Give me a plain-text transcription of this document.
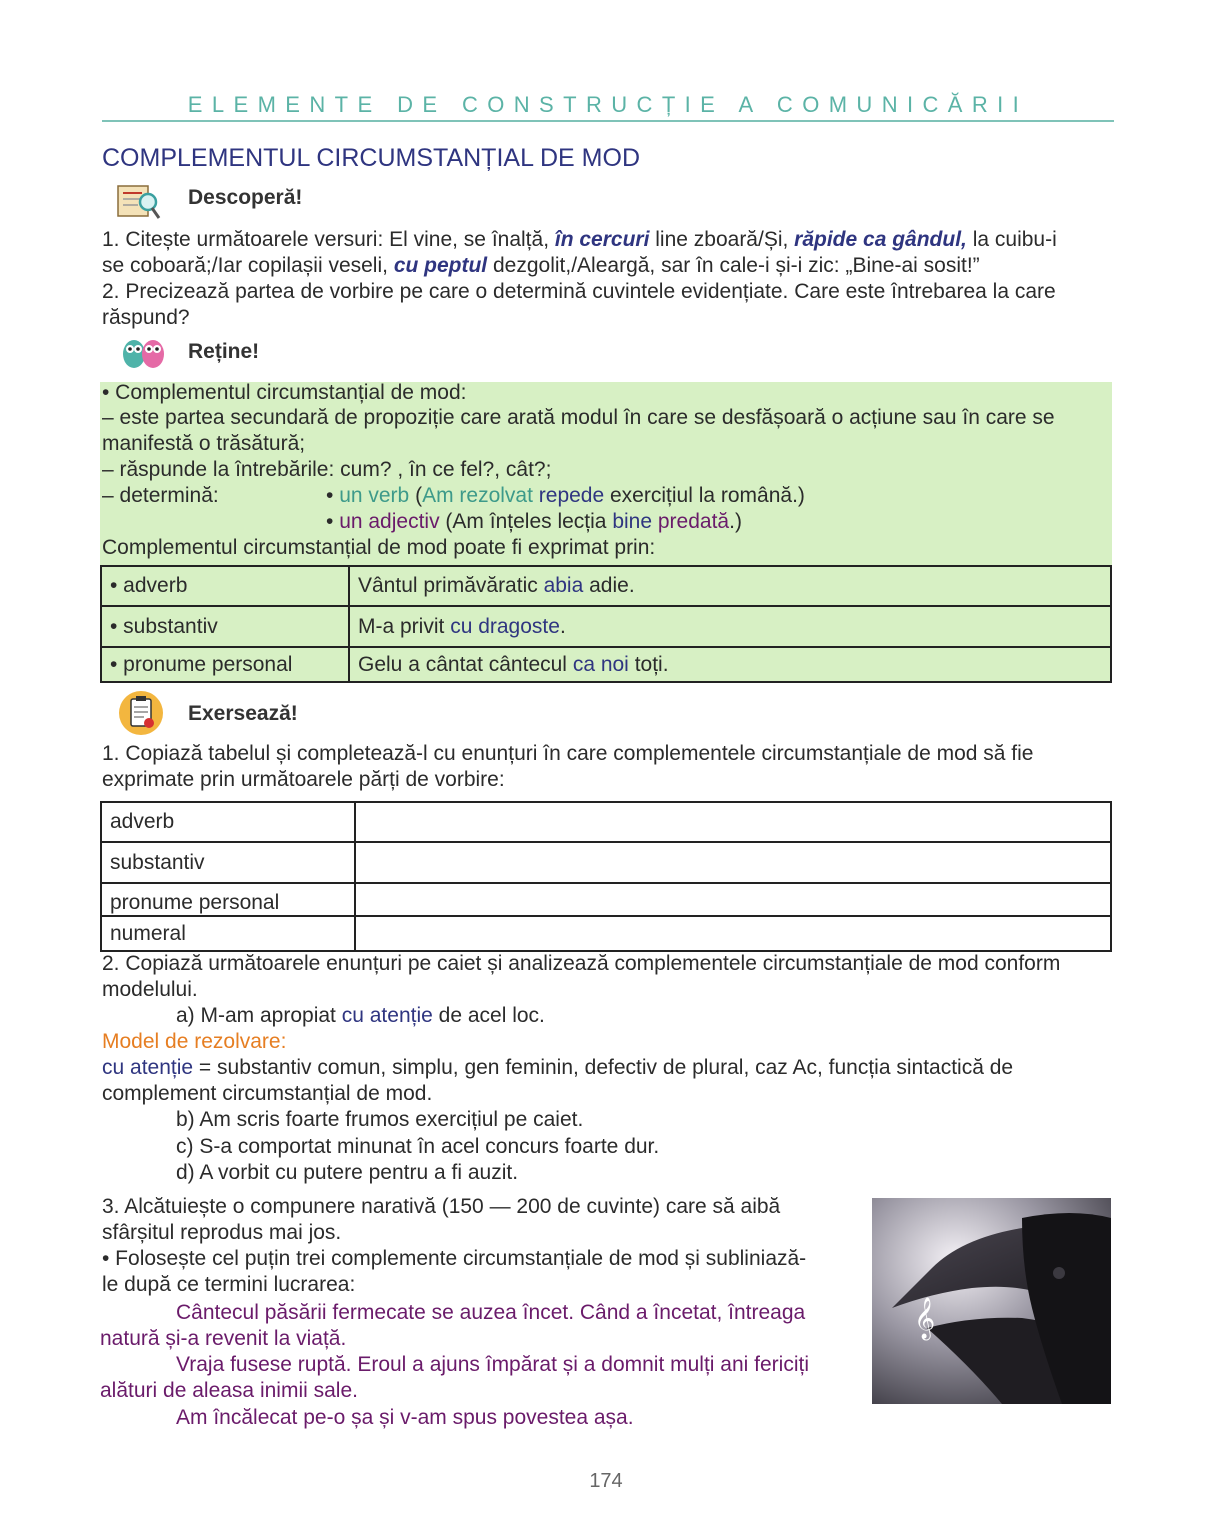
ELEMENTE DE CONSTRUCȚIE A COMUNICĂRII
COMPLEMENTUL CIRCUMSTANȚIAL DE MOD
Descoperă!
1. Citește următoarele versuri: El vine, se înalță, în cercuri line zboară/Și, răpide ca gândul, la cuibu-i
se coboară;/Iar copilașii veseli, cu peptul dezgolit,/Aleargă, sar în cale-i și-i zic: „Bine-ai sosit!”
2. Precizează partea de vorbire pe care o determină cuvintele evidențiate. Care este întrebarea la care răspund?
Reține!
• Complementul circumstanțial de mod:
– este partea secundară de propoziție care arată modul în care se desfășoară o acțiune sau în care se
manifestă o trăsătură;
– răspunde la întrebările: cum? , în ce fel?, cât?;
– determină:	• un verb (Am rezolvat repede exercițiul la română.)
• un adjectiv (Am înțeles lecția bine predată.)
Complementul circumstanțial de mod poate fi exprimat prin:
• adverb	Vântul primăvăratic abia adie.
• substantiv	M-a privit cu dragoste.
• pronume personal	Gelu a cântat cântecul ca noi toți.
Exersează!
1. Copiază tabelul și completează-l cu enunțuri în care complementele circumstanțiale de mod să fie exprimate prin următoarele părți de vorbire:
adverb	
substantiv	
pronume personal	
numeral	
2. Copiază următoarele enunțuri pe caiet și analizează complementele circumstanțiale de mod conform modelului.
a) M-am apropiat cu atenție de acel loc.
Model de rezolvare:
cu atenție = substantiv comun, simplu, gen feminin, defectiv de plural, caz Ac, funcția sintactică de complement circumstanțial de mod.
b) Am scris foarte frumos exercițiul pe caiet.
c) S-a comportat minunat în acel concurs foarte dur.
d) A vorbit cu putere pentru a fi auzit.
3. Alcătuiește o compunere narativă (150 — 200 de cuvinte) care să aibă
sfârșitul reprodus mai jos.
• Folosește cel puțin trei complemente circumstanțiale de mod și subliniază-
le după ce termini lucrarea:
Cântecul păsării fermecate se auzea încet. Când a încetat, întreaga
natură și-a revenit la viață.
Vraja fusese ruptă. Eroul a ajuns împărat și a domnit mulți ani fericiți
alături de aleasa inimii sale.
Am încălecat pe-o șa și v-am spus povestea așa.
𝄞
174
